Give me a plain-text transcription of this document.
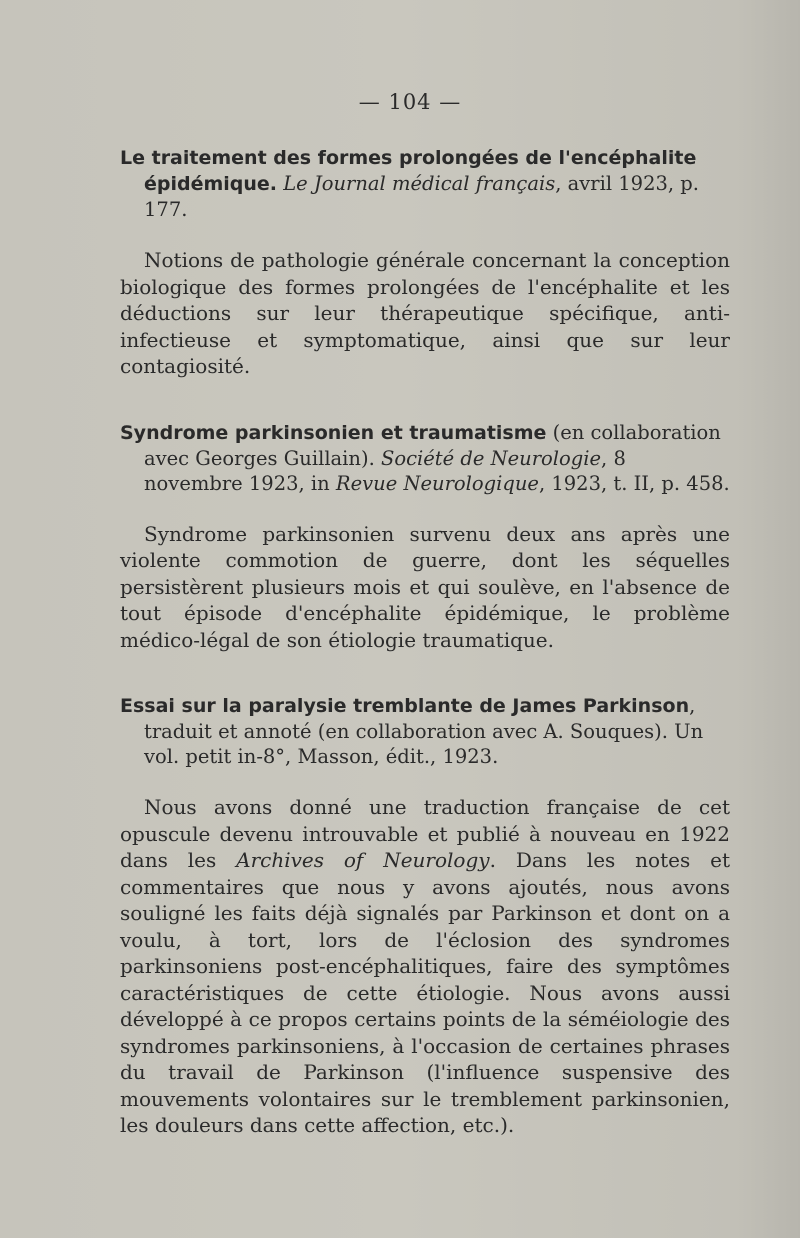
— 104 —

Le traitement des formes prolongées de l'encéphalite épidémique. Le Journal médical français, avril 1923, p. 177.

Notions de pathologie générale concernant la conception biologique des formes prolongées de l'encéphalite et les déductions sur leur thérapeutique spécifique, anti-infectieuse et symptomatique, ainsi que sur leur contagiosité.

Syndrome parkinsonien et traumatisme (en collaboration avec Georges Guillain). Société de Neurologie, 8 novembre 1923, in Revue Neurologique, 1923, t. II, p. 458.

Syndrome parkinsonien survenu deux ans après une violente commotion de guerre, dont les séquelles persistèrent plusieurs mois et qui soulève, en l'absence de tout épisode d'encéphalite épidémique, le problème médico-légal de son étiologie traumatique.

Essai sur la paralysie tremblante de James Parkinson, traduit et annoté (en collaboration avec A. Souques). Un vol. petit in-8°, Masson, édit., 1923.

Nous avons donné une traduction française de cet opuscule devenu introuvable et publié à nouveau en 1922 dans les Archives of Neurology. Dans les notes et commentaires que nous y avons ajoutés, nous avons souligné les faits déjà signalés par Parkinson et dont on a voulu, à tort, lors de l'éclosion des syndromes parkinsoniens post-encéphalitiques, faire des symptômes caractéristiques de cette étiologie. Nous avons aussi développé à ce propos certains points de la séméiologie des syndromes parkinsoniens, à l'occasion de certaines phrases du travail de Parkinson (l'influence suspensive des mouvements volontaires sur le tremblement parkinsonien, les douleurs dans cette affection, etc.).
